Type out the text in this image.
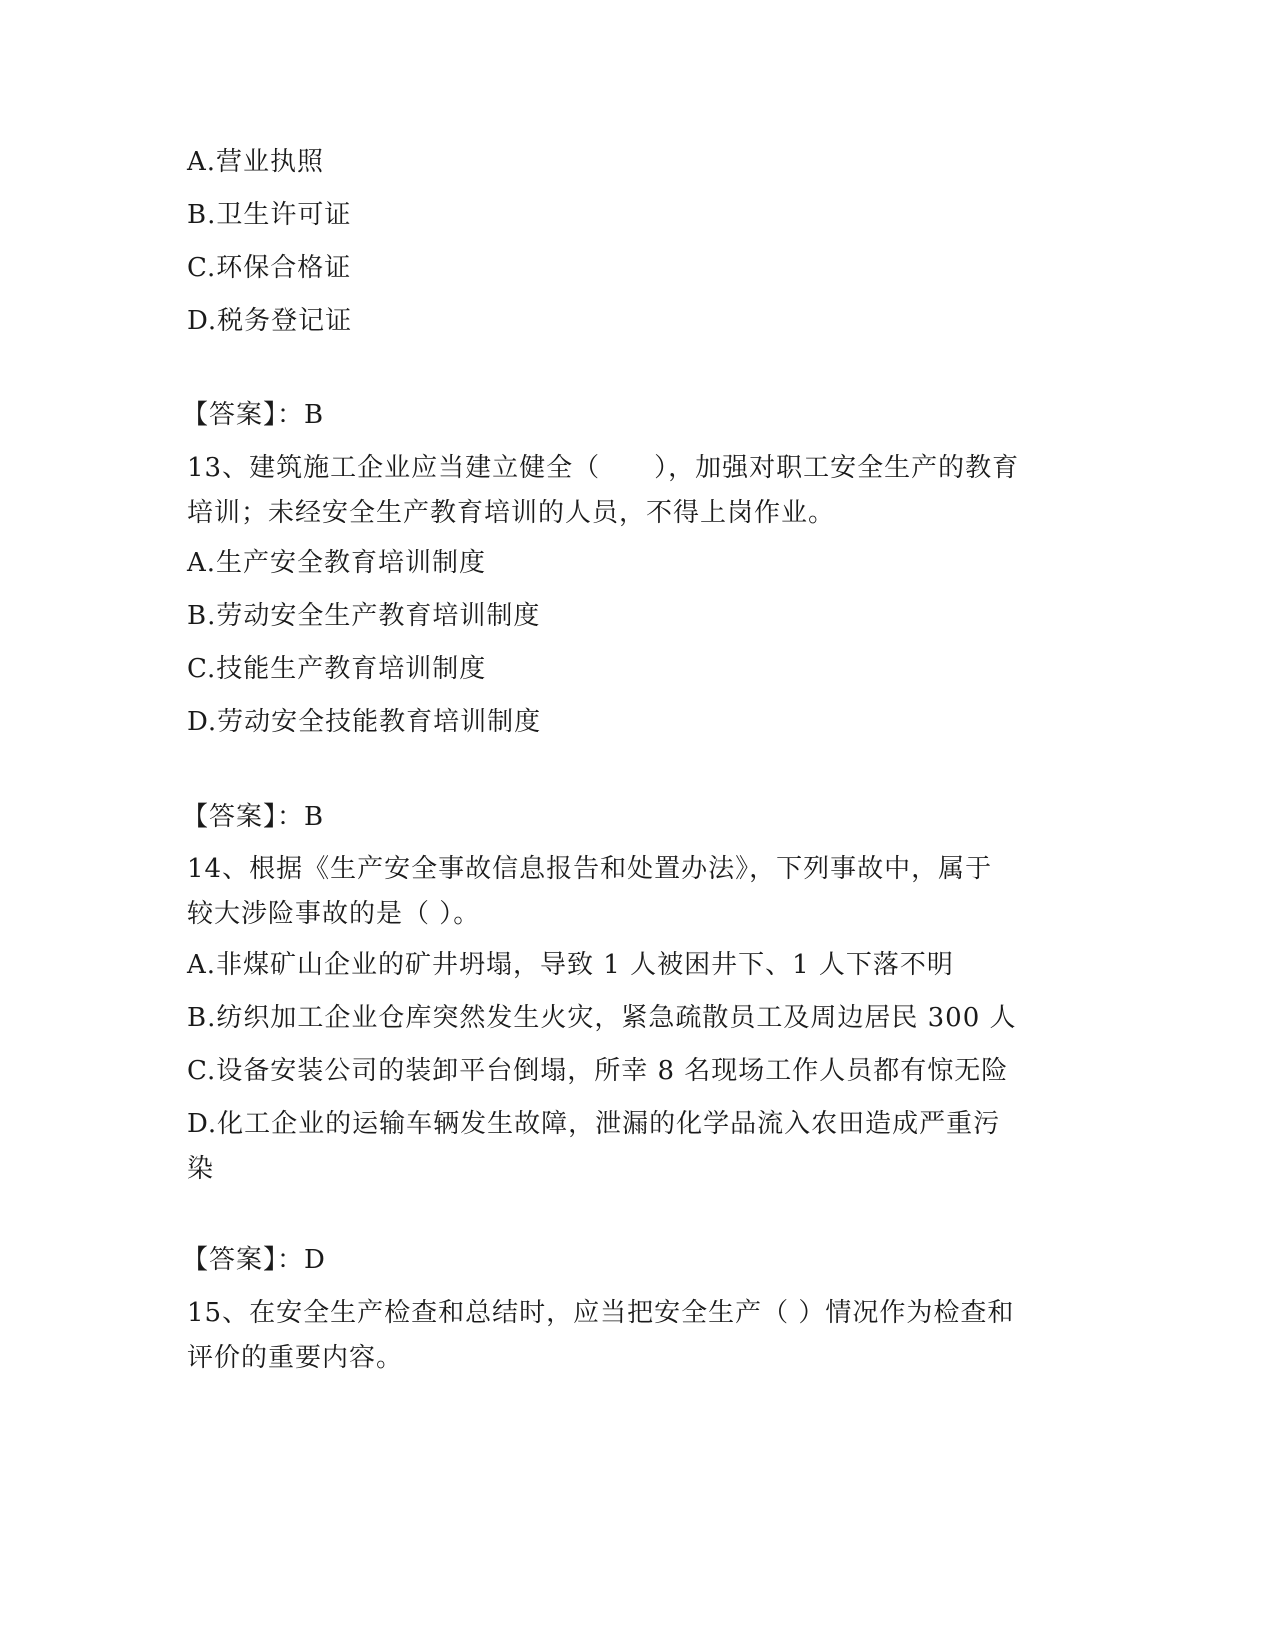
A.营业执照
B.卫生许可证
C.环保合格证
D.税务登记证
【答案】：B
13、建筑施工企业应当建立健全（　　），加强对职工安全生产的教育
培训；未经安全生产教育培训的人员，不得上岗作业。
A.生产安全教育培训制度
B.劳动安全生产教育培训制度
C.技能生产教育培训制度
D.劳动安全技能教育培训制度
【答案】：B
14、根据《生产安全事故信息报告和处置办法》，下列事故中，属于
较大涉险事故的是（ ）。
A.非煤矿山企业的矿井坍塌，导致 1 人被困井下、1 人下落不明
B.纺织加工企业仓库突然发生火灾，紧急疏散员工及周边居民 300 人
C.设备安装公司的装卸平台倒塌，所幸 8 名现场工作人员都有惊无险
D.化工企业的运输车辆发生故障，泄漏的化学品流入农田造成严重污
染
【答案】：D
15、在安全生产检查和总结时，应当把安全生产（ ）情况作为检查和
评价的重要内容。
